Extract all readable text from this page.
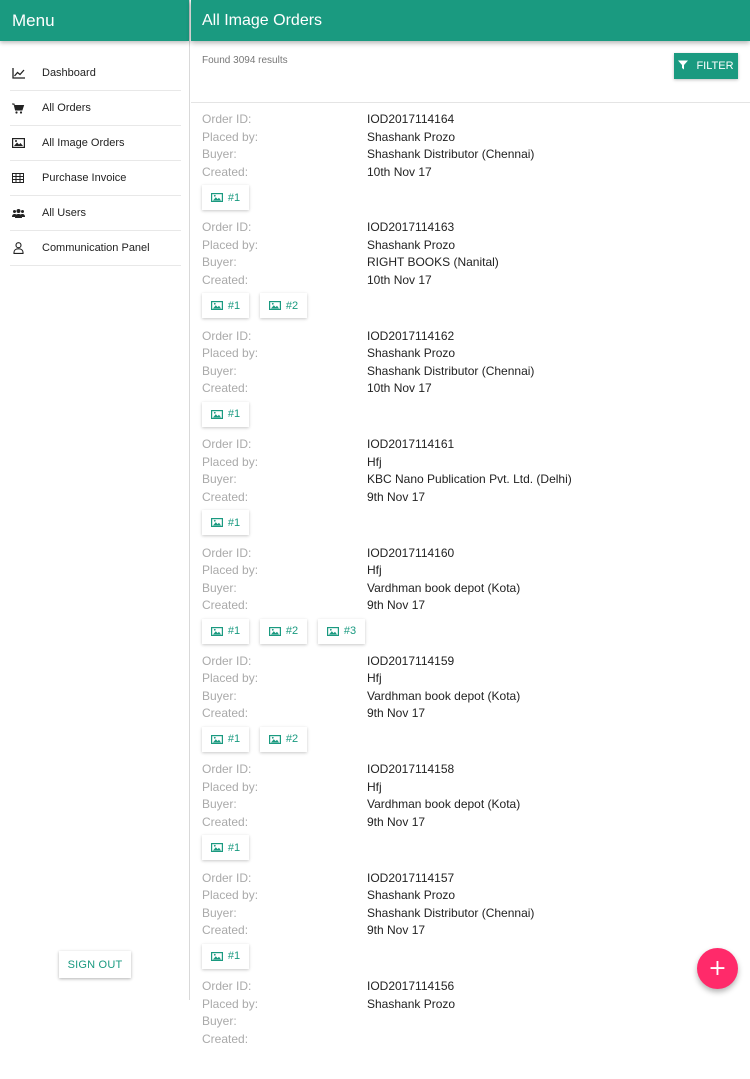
Menu
Dashboard
All Orders
All Image Orders
Purchase Invoice
All Users
Communication Panel
SIGN OUT
All Image Orders
Found 3094 results	FILTER
Order ID:	IOD2017114164
Placed by:	Shashank Prozo
Buyer:	Shashank Distributor (Chennai)
Created:	10th Nov 17
#1
Order ID:	IOD2017114163
Placed by:	Shashank Prozo
Buyer:	RIGHT BOOKS (Nanital)
Created:	10th Nov 17
#1	#2
Order ID:	IOD2017114162
Placed by:	Shashank Prozo
Buyer:	Shashank Distributor (Chennai)
Created:	10th Nov 17
#1
Order ID:	IOD2017114161
Placed by:	Hfj
Buyer:	KBC Nano Publication Pvt. Ltd. (Delhi)
Created:	9th Nov 17
#1
Order ID:	IOD2017114160
Placed by:	Hfj
Buyer:	Vardhman book depot (Kota)
Created:	9th Nov 17
#1	#2	#3
Order ID:	IOD2017114159
Placed by:	Hfj
Buyer:	Vardhman book depot (Kota)
Created:	9th Nov 17
#1	#2
Order ID:	IOD2017114158
Placed by:	Hfj
Buyer:	Vardhman book depot (Kota)
Created:	9th Nov 17
#1
Order ID:	IOD2017114157
Placed by:	Shashank Prozo
Buyer:	Shashank Distributor (Chennai)
Created:	9th Nov 17
#1
Order ID:	IOD2017114156
Placed by:	Shashank Prozo
Buyer:
Created:
+
